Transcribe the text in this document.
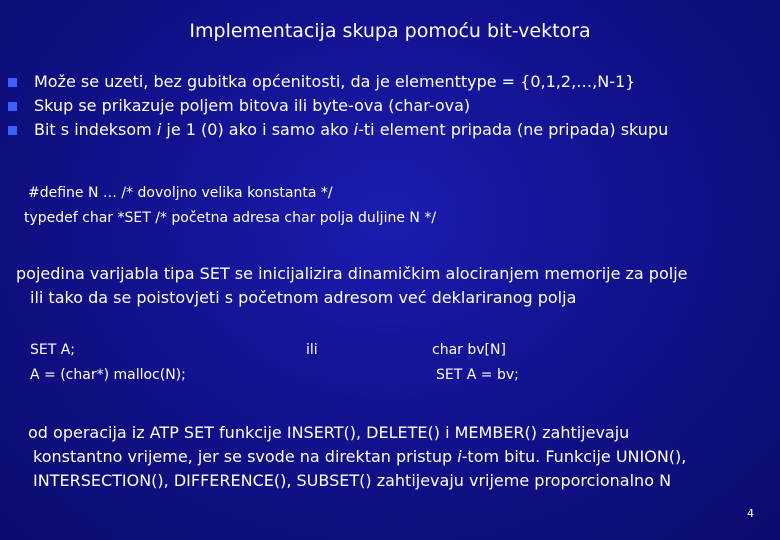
Implementacija skupa pomoću bit-vektora
Može se uzeti, bez gubitka općenitosti, da je elementtype = {0,1,2,…,N-1}
Skup se prikazuje poljem bitova ili byte-ova (char-ova)
Bit s indeksom i je 1 (0) ako i samo ako i-ti element pripada (ne pripada) skupu
#define N … /* dovoljno velika konstanta */
typedef char *SET /* početna adresa char polja duljine N */
pojedina varijabla tipa SET se inicijalizira dinamičkim alociranjem memorije za polje
ili tako da se poistovjeti s početnom adresom već deklariranog polja
SET A;
A = (char*) malloc(N);
ili	char bv[N]
SET A = bv;
od operacija iz ATP SET funkcije INSERT(), DELETE() i MEMBER() zahtijevaju
konstantno vrijeme, jer se svode na direktan pristup i-tom bitu. Funkcije UNION(),
INTERSECTION(), DIFFERENCE(), SUBSET() zahtijevaju vrijeme proporcionalno N
4
